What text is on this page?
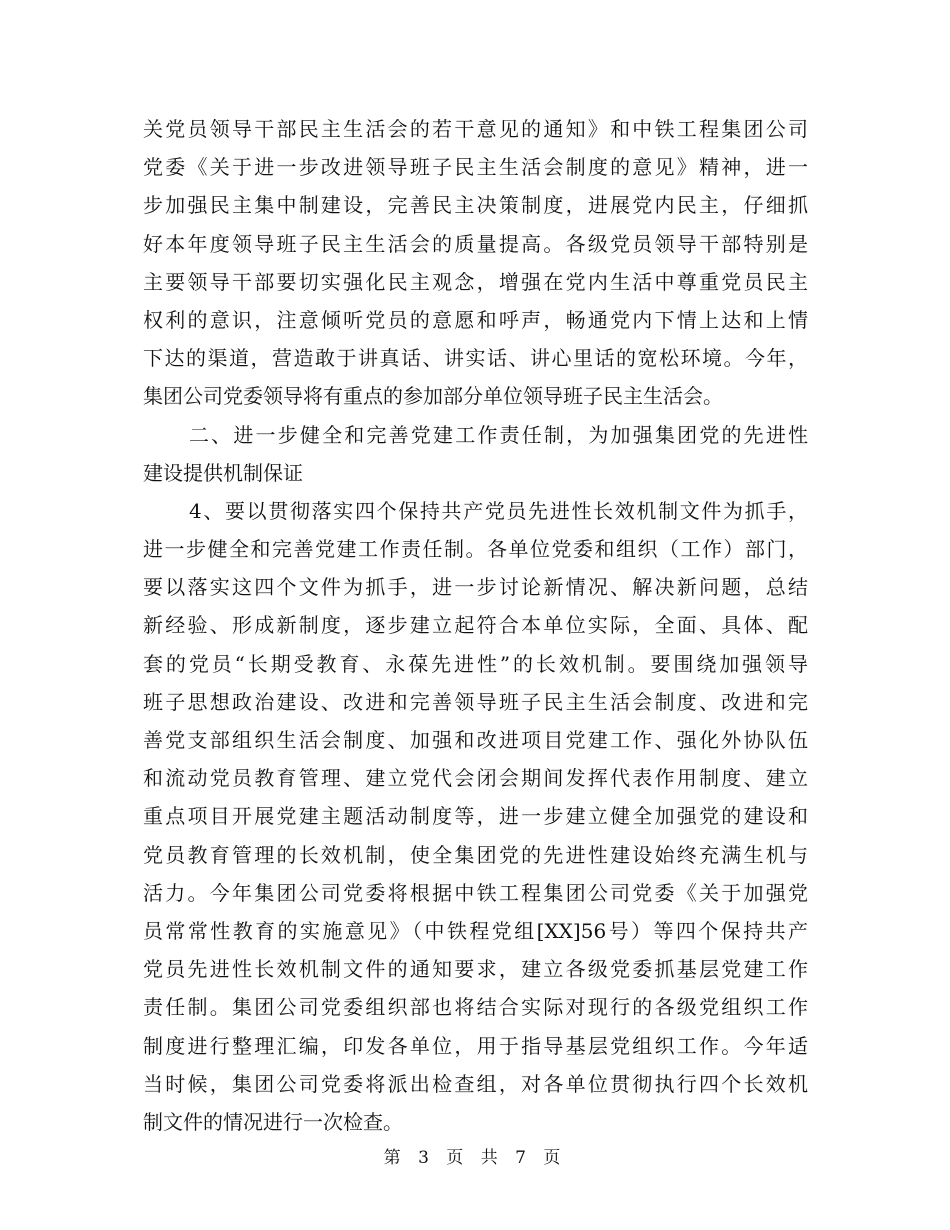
关党员领导干部民主生活会的若干意见的通知》和中铁工程集团公司
党委《关于进一步改进领导班子民主生活会制度的意见》精神，进一
步加强民主集中制建设，完善民主决策制度，进展党内民主，仔细抓
好本年度领导班子民主生活会的质量提高。各级党员领导干部特别是
主要领导干部要切实强化民主观念，增强在党内生活中尊重党员民主
权利的意识，注意倾听党员的意愿和呼声，畅通党内下情上达和上情
下达的渠道，营造敢于讲真话、讲实话、讲心里话的宽松环境。今年，
集团公司党委领导将有重点的参加部分单位领导班子民主生活会。
二、进一步健全和完善党建工作责任制，为加强集团党的先进性
建设提供机制保证
4、要以贯彻落实四个保持共产党员先进性长效机制文件为抓手，
进一步健全和完善党建工作责任制。各单位党委和组织（工作）部门，
要以落实这四个文件为抓手，进一步讨论新情况、解决新问题，总结
新经验、形成新制度，逐步建立起符合本单位实际，全面、具体、配
套的党员“长期受教育、永葆先进性”的长效机制。要围绕加强领导
班子思想政治建设、改进和完善领导班子民主生活会制度、改进和完
善党支部组织生活会制度、加强和改进项目党建工作、强化外协队伍
和流动党员教育管理、建立党代会闭会期间发挥代表作用制度、建立
重点项目开展党建主题活动制度等，进一步建立健全加强党的建设和
党员教育管理的长效机制，使全集团党的先进性建设始终充满生机与
活力。今年集团公司党委将根据中铁工程集团公司党委《关于加强党
员常常性教育的实施意见》（中铁程党组[XX]56号）等四个保持共产
党员先进性长效机制文件的通知要求，建立各级党委抓基层党建工作
责任制。集团公司党委组织部也将结合实际对现行的各级党组织工作
制度进行整理汇编，印发各单位，用于指导基层党组织工作。今年适
当时候，集团公司党委将派出检查组，对各单位贯彻执行四个长效机
制文件的情况进行一次检查。
第 3 页 共 7 页
